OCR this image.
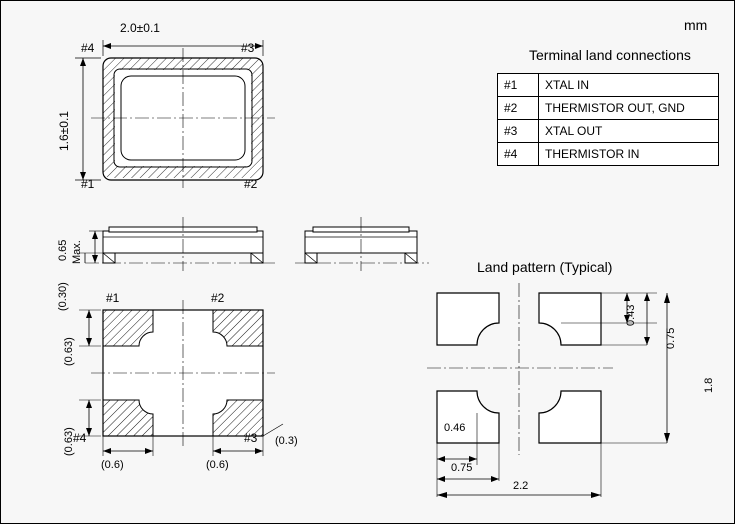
mm
2.0±0.1
1.6±0.1
#4	#3
#1	#2
Terminal land connections
#1	XTAL IN
#2	THERMISTOR OUT, GND
#3	XTAL OUT
#4	THERMISTOR IN
0.65 Max.
(0.30)	#1	#2
#4	#3
(0.63)
(0.63)
(0.6)	(0.6)
(0.3)
Land pattern (Typical)
0.43
0.75
1.8
0.46
0.75
2.2
